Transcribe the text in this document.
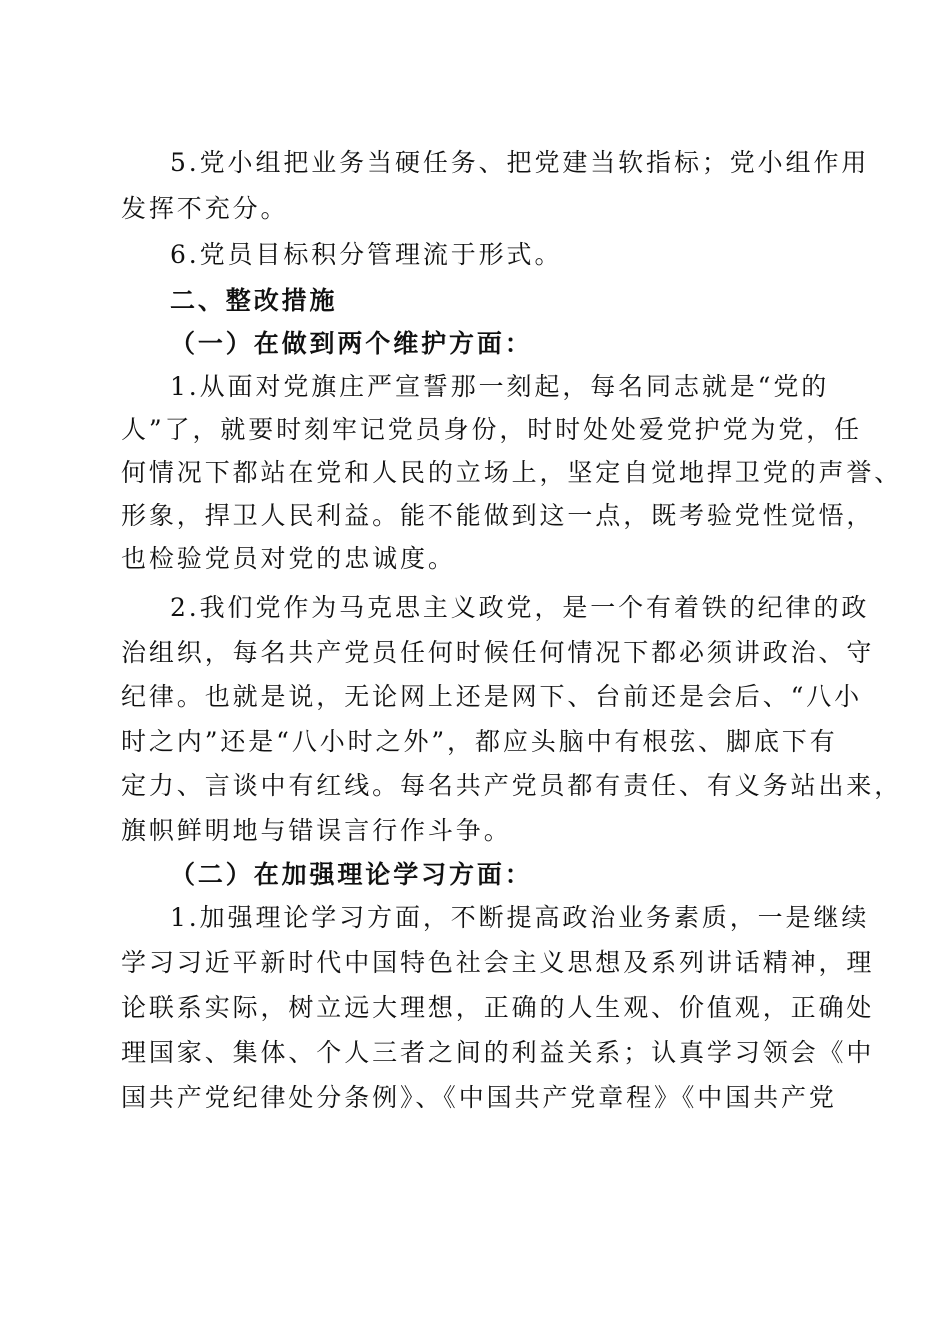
5.党小组把业务当硬任务、把党建当软指标；党小组作用
发挥不充分。
6.党员目标积分管理流于形式。
二、整改措施
（一）在做到两个维护方面：
1.从面对党旗庄严宣誓那一刻起，每名同志就是“党的
人”了，就要时刻牢记党员身份，时时处处爱党护党为党，任
何情况下都站在党和人民的立场上，坚定自觉地捍卫党的声誉、
形象，捍卫人民利益。能不能做到这一点，既考验党性觉悟，
也检验党员对党的忠诚度。
2.我们党作为马克思主义政党，是一个有着铁的纪律的政
治组织，每名共产党员任何时候任何情况下都必须讲政治、守
纪律。也就是说，无论网上还是网下、台前还是会后、“八小
时之内”还是“八小时之外”，都应头脑中有根弦、脚底下有
定力、言谈中有红线。每名共产党员都有责任、有义务站出来，
旗帜鲜明地与错误言行作斗争。
（二）在加强理论学习方面：
1.加强理论学习方面，不断提高政治业务素质，一是继续
学习习近平新时代中国特色社会主义思想及系列讲话精神，理
论联系实际，树立远大理想，正确的人生观、价值观，正确处
理国家、集体、个人三者之间的利益关系；认真学习领会《中
国共产党纪律处分条例》、《中国共产党章程》《中国共产党
